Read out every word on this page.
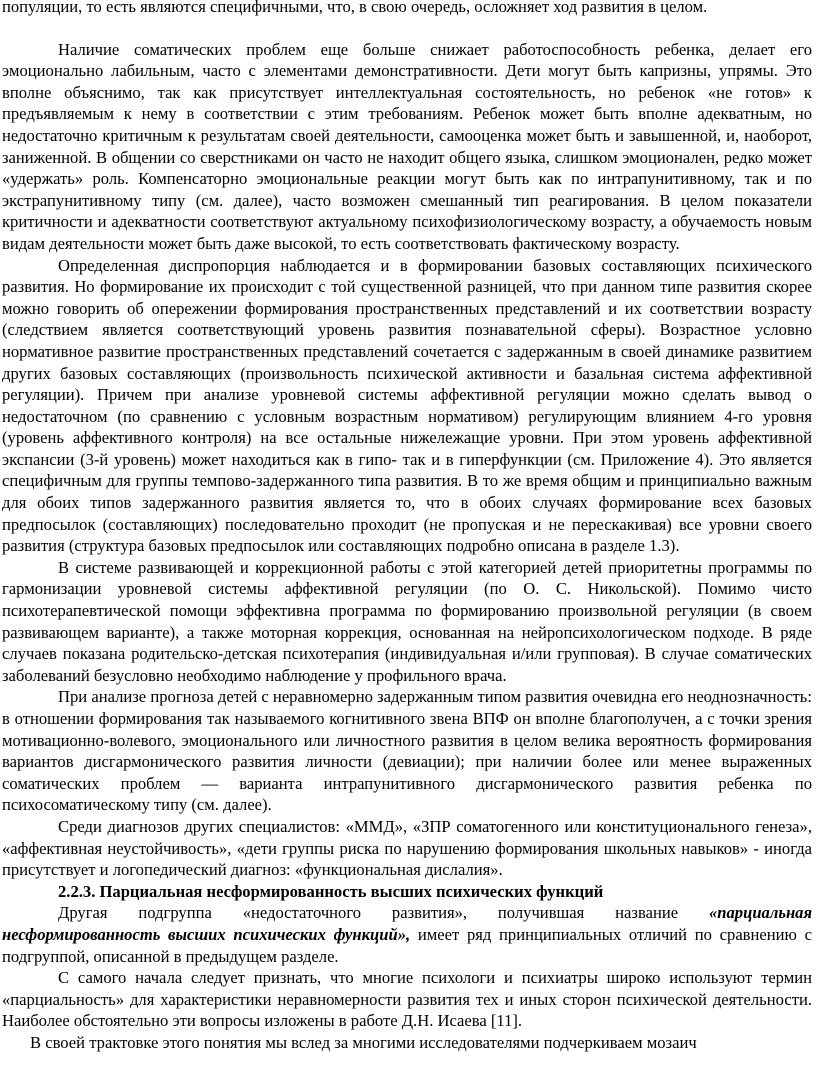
популяции, то есть являются специфичными, что, в свою очередь, осложняет ход развития в целом.

Наличие соматических проблем еще больше снижает работоспособность ребенка, делает его эмоционально лабильным, часто с элементами демонстративности. Дети могут быть капризны, упрямы. Это вполне объяснимо, так как присутствует интеллектуальная состоятельность, но ребенок «не готов» к предъявляемым к нему в соответствии с этим требованиям. Ребенок может быть вполне адекватным, но недостаточно критичным к результатам своей деятельности, самооценка может быть и завышенной, и, наоборот, заниженной. В общении со сверстниками он часто не находит общего языка, слишком эмоционален, редко может «удержать» роль. Компенсаторно эмоциональные реакции могут быть как по интрапунитивному, так и по экстрапунитивному типу (см. далее), часто возможен смешанный тип реагирования. В целом показатели критичности и адекватности соответствуют актуальному психофизиологическому возрасту, а обучаемость новым видам деятельности может быть даже высокой, то есть соответствовать фактическому возрасту.

Определенная диспропорция наблюдается и в формировании базовых составляющих психического развития. Но формирование их происходит с той существенной разницей, что при данном типе развития скорее можно говорить об опережении формирования пространственных представлений и их соответствии возрасту (следствием является соответствующий уровень развития познавательной сферы). Возрастное условно нормативное развитие пространственных представлений сочетается с задержанным в своей динамике развитием других базовых составляющих (произвольность психической активности и базальная система аффективной регуляции). Причем при анализе уровневой системы аффективной регуляции можно сделать вывод о недостаточном (по сравнению с условным возрастным нормативом) регулирующим влиянием 4-го уровня (уровень аффективного контроля) на все остальные нижележащие уровни. При этом уровень аффективной экспансии (3-й уровень) может находиться как в гипо- так и в гиперфункции (см. Приложение 4). Это является специфичным для группы темпово-задержанного типа развития. В то же время общим и принципиально важным для обоих типов задержанного развития является то, что в обоих случаях формирование всех базовых предпосылок (составляющих) последовательно проходит (не пропуская и не перескакивая) все уровни своего развития (структура базовых предпосылок или составляющих подробно описана в разделе 1.3).

В системе развивающей и коррекционной работы с этой категорией детей приоритетны программы по гармонизации уровневой системы аффективной регуляции (по О. С. Никольской). Помимо чисто психотерапевтической помощи эффективна программа по формированию произвольной регуляции (в своем развивающем варианте), а также моторная коррекция, основанная на нейропсихологическом подходе. В ряде случаев показана родительско-детская психотерапия (индивидуальная и/или групповая). В случае соматических заболеваний безусловно необходимо наблюдение у профильного врача.

При анализе прогноза детей с неравномерно задержанным типом развития очевидна его неоднозначность: в отношении формирования так называемого когнитивного звена ВПФ он вполне благополучен, а с точки зрения мотивационно-волевого, эмоционального или личностного развития в целом велика вероятность формирования вариантов дисгармонического развития личности (девиации); при наличии более или менее выраженных соматических проблем — варианта интрапунитивного дисгармонического развития ребенка по психосоматическому типу (см. далее).

Среди диагнозов других специалистов: «ММД», «ЗПР соматогенного или конституционального генеза», «аффективная неустойчивость», «дети группы риска по нарушению формирования школьных навыков» - иногда присутствует и логопедический диагноз: «функциональная дислалия».

2.2.3. Парциальная несформированность высших психических функций

Другая подгруппа «недостаточного развития», получившая название «парциальная несформированность высших психических функций», имеет ряд принципиальных отличий по сравнению с подгруппой, описанной в предыдущем разделе.

С самого начала следует признать, что многие психологи и психиатры широко используют термин «парциальность» для характеристики неравномерности развития тех и иных сторон психической деятельности. Наиболее обстоятельно эти вопросы изложены в работе Д.Н. Исаева [11].

В своей трактовке этого понятия мы вслед за многими исследователями подчеркиваем мозаич
